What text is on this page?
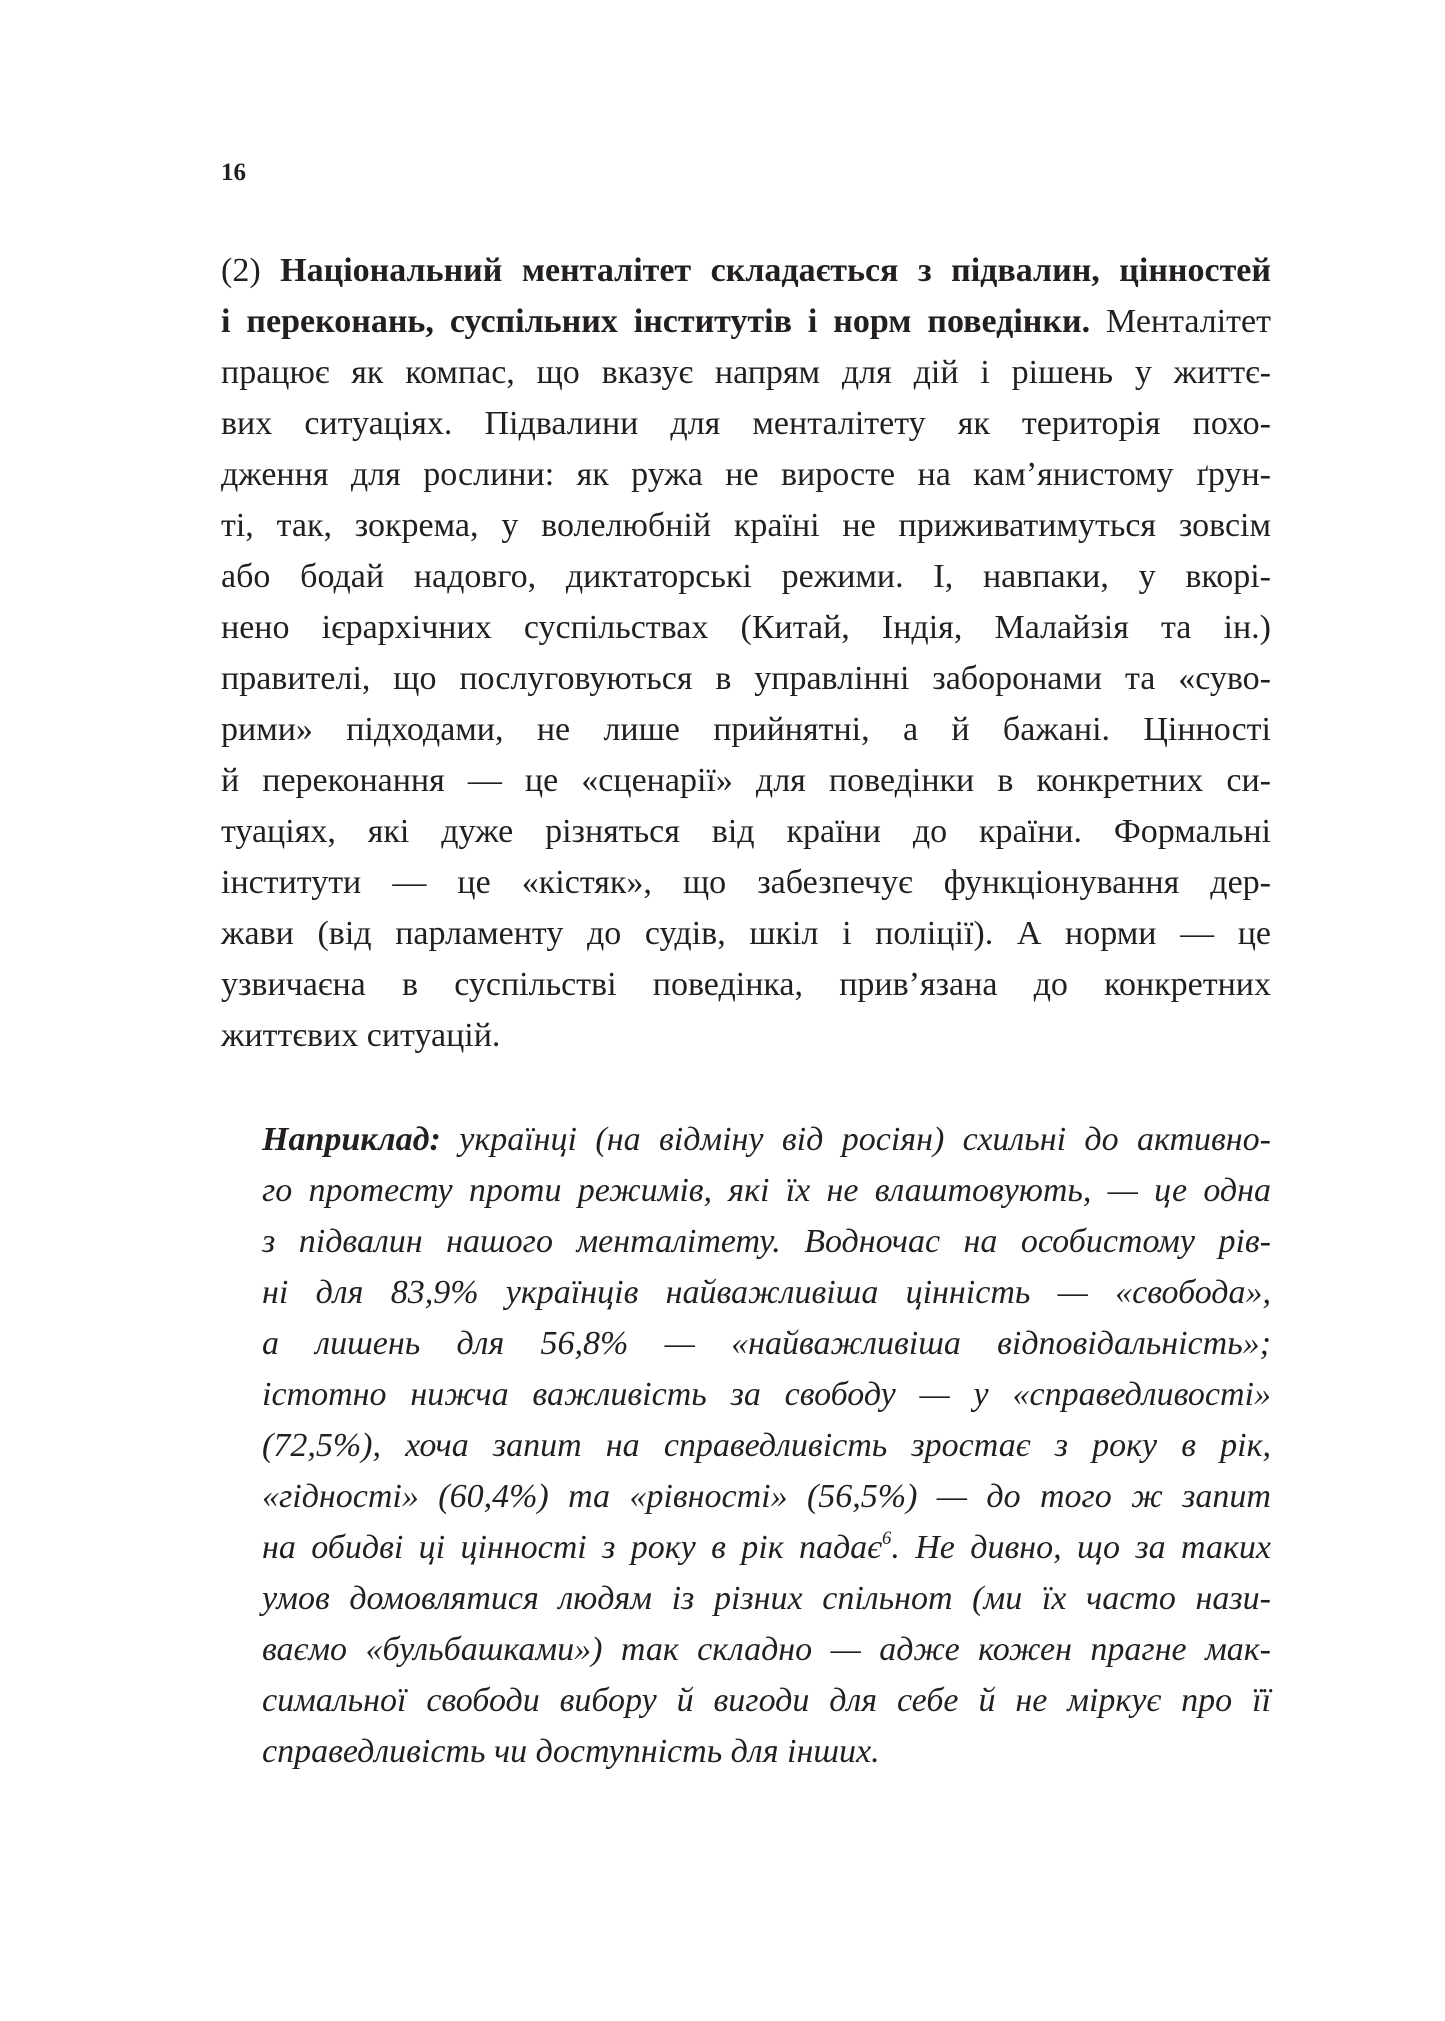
16
(2) Національний менталітет складається з підвалин, цінностей
і переконань, суспільних інститутів і норм поведінки. Менталітет
працює як компас, що вказує напрям для дій і рішень у життє-
вих ситуаціях. Підвалини для менталітету як територія похо-
дження для рослини: як ружа не виросте на кам’янистому ґрун-
ті, так, зокрема, у волелюбній країні не приживатимуться зовсім
або бодай надовго, диктаторські режими. І, навпаки, у вкорі-
нено ієрархічних суспільствах (Китай, Індія, Малайзія та ін.)
правителі, що послуговуються в управлінні заборонами та «суво-
рими» підходами, не лише прийнятні, а й бажані. Цінності
й переконання — це «сценарії» для поведінки в конкретних си-
туаціях, які дуже різняться від країни до країни. Формальні
інститути — це «кістяк», що забезпечує функціонування дер-
жави (від парламенту до судів, шкіл і поліції). А норми — це
узвичаєна в суспільстві поведінка, прив’язана до конкретних
життєвих ситуацій.
Наприклад: українці (на відміну від росіян) схильні до активно-
го протесту проти режимів, які їх не влаштовують, — це одна
з підвалин нашого менталітету. Водночас на особистому рів-
ні для 83,9% українців найважливіша цінність — «свобода»,
а лишень для 56,8% — «найважливіша відповідальність»;
істотно нижча важливість за свободу — у «справедливості»
(72,5%), хоча запит на справедливість зростає з року в рік,
«гідності» (60,4%) та «рівності» (56,5%) — до того ж запит
на обидві ці цінності з року в рік падає$^6$. Не дивно, що за таких
умов домовлятися людям із різних спільнот (ми їх часто нази-
ваємо «бульбашками») так складно — адже кожен прагне мак-
симальної свободи вибору й вигоди для себе й не міркує про її
справедливість чи доступність для інших.
